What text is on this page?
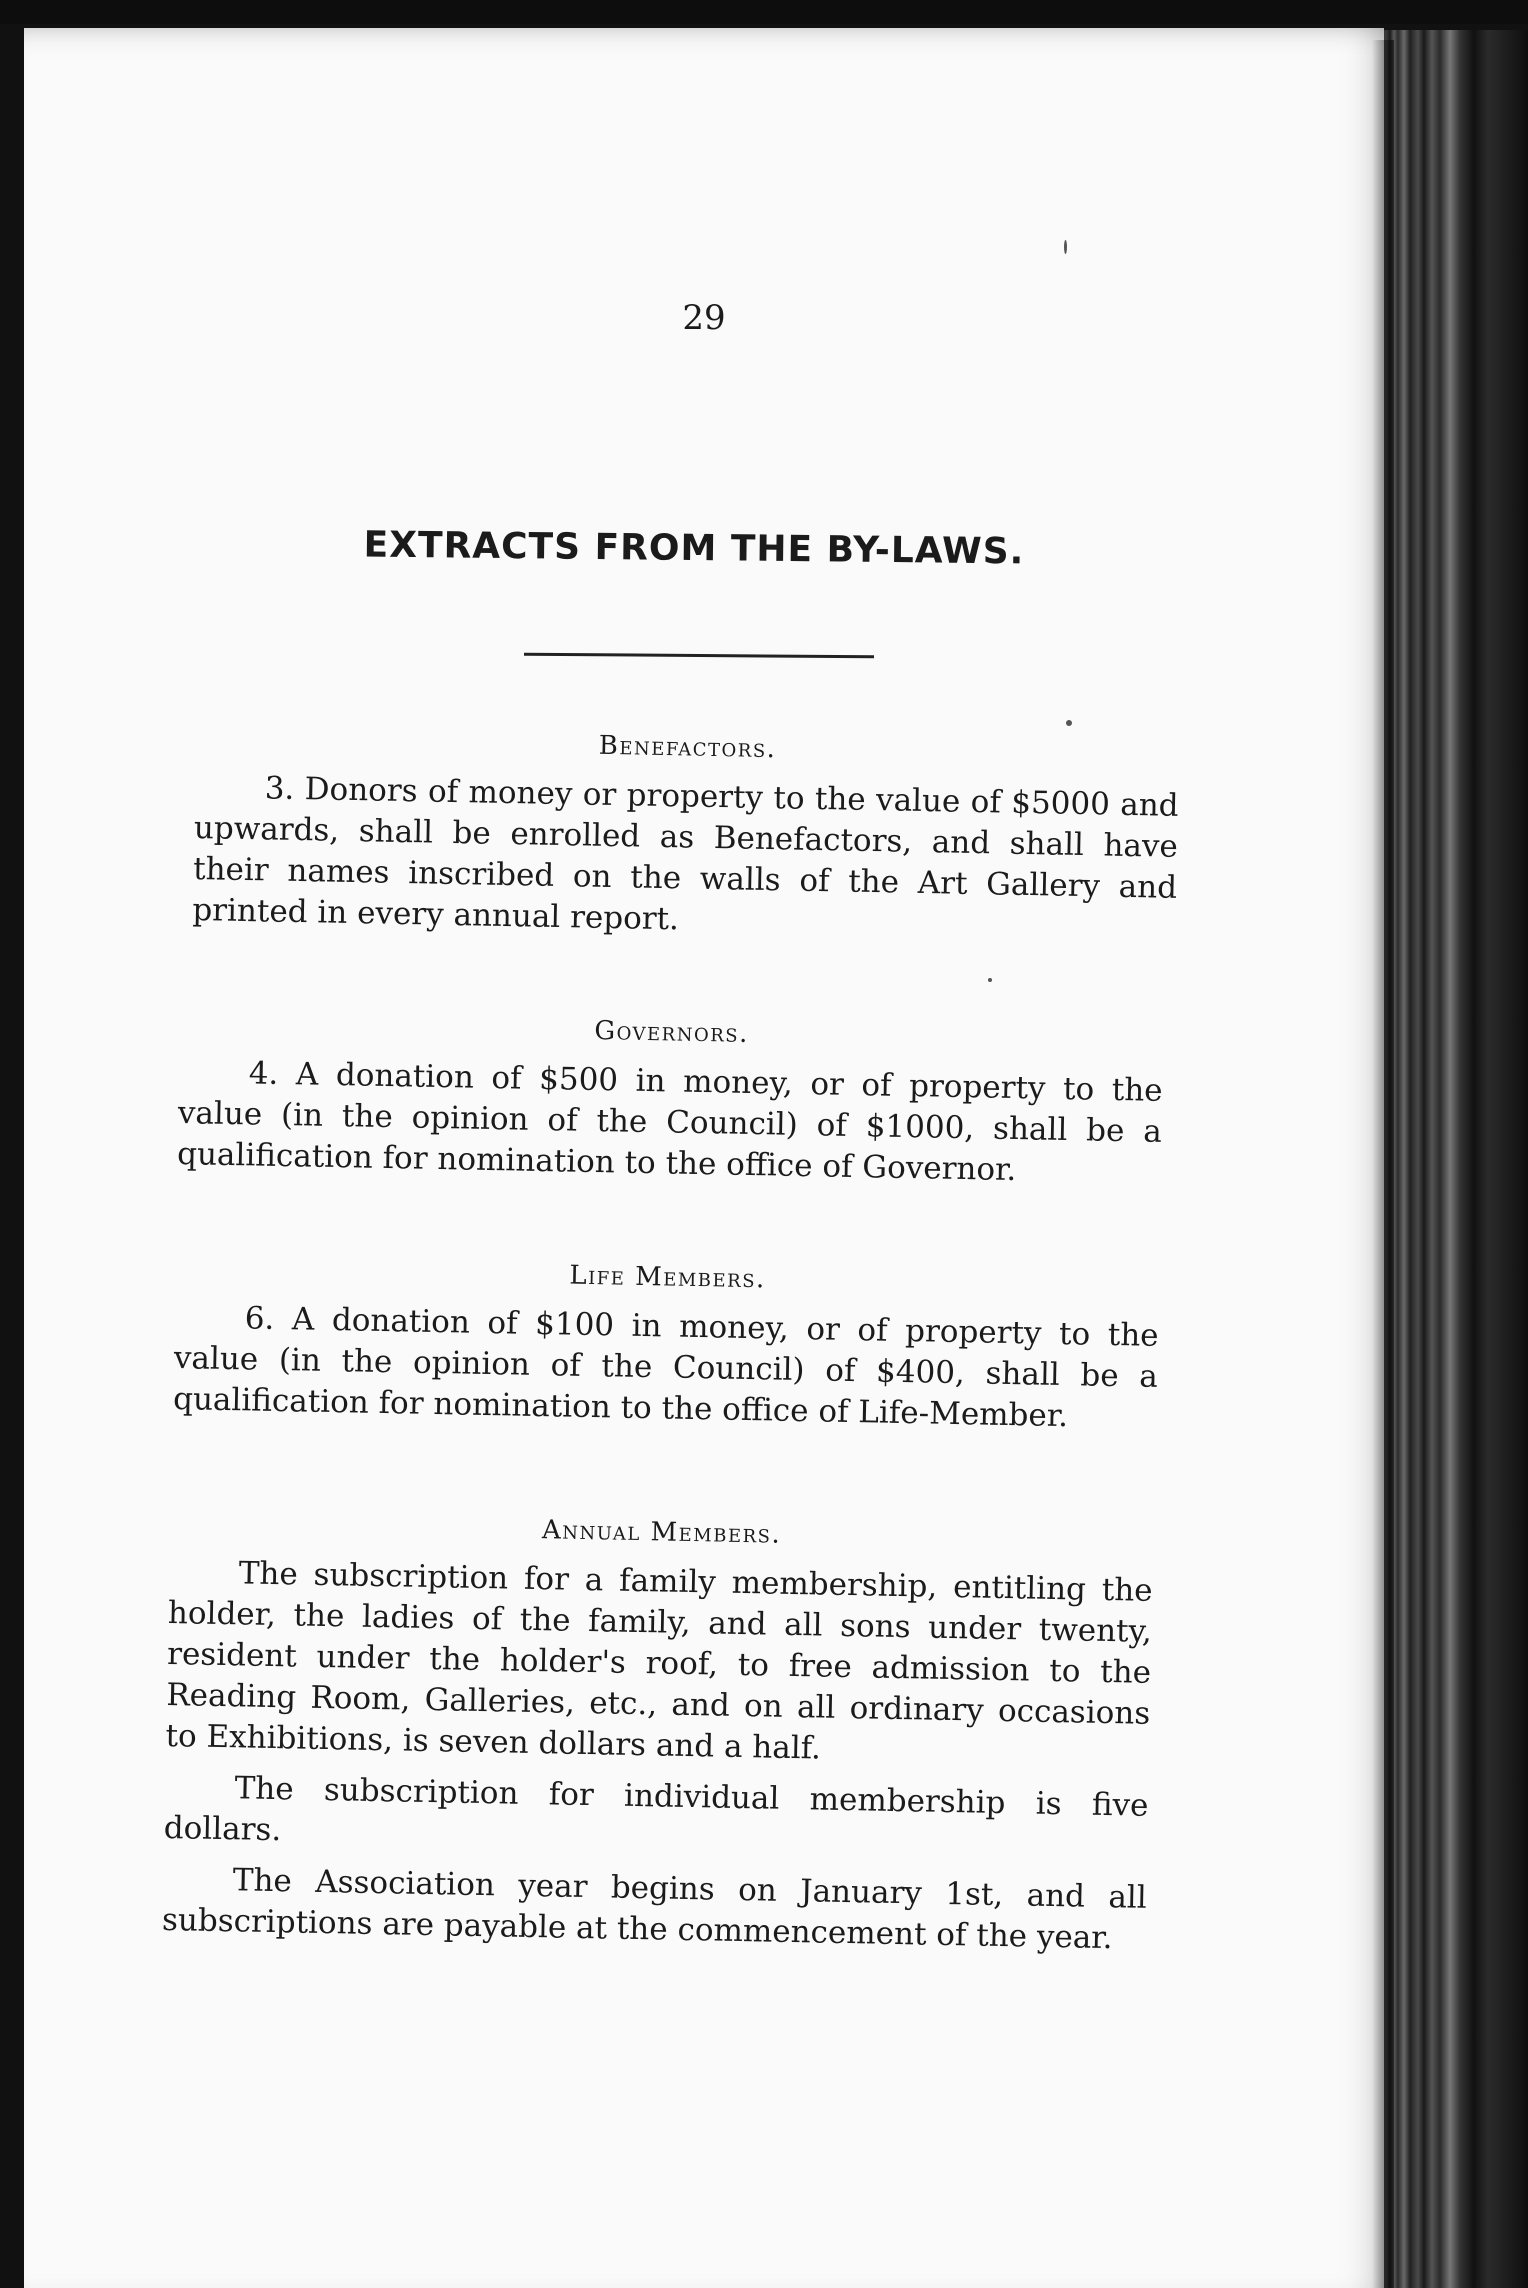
29
EXTRACTS FROM THE BY-LAWS.
Benefactors.

3. Donors of money or property to the value of $5000 and upwards, shall be enrolled as Benefactors, and shall have their names inscribed on the walls of the Art Gallery and printed in every annual report.

Governors.

4. A donation of $500 in money, or of property to the value (in the opinion of the Council) of $1000, shall be a qualification for nomination to the office of Governor.

Life Members.

6. A donation of $100 in money, or of property to the value (in the opinion of the Council) of $400, shall be a qualification for nomination to the office of Life-Member.

Annual Members.

The subscription for a family membership, entitling the holder, the ladies of the family, and all sons under twenty, resident under the holder's roof, to free admission to the Reading Room, Galleries, etc., and on all ordinary occasions to Exhibitions, is seven dollars and a half.

The subscription for individual membership is five dollars.

The Association year begins on January 1st, and all subscriptions are payable at the commencement of the year.
